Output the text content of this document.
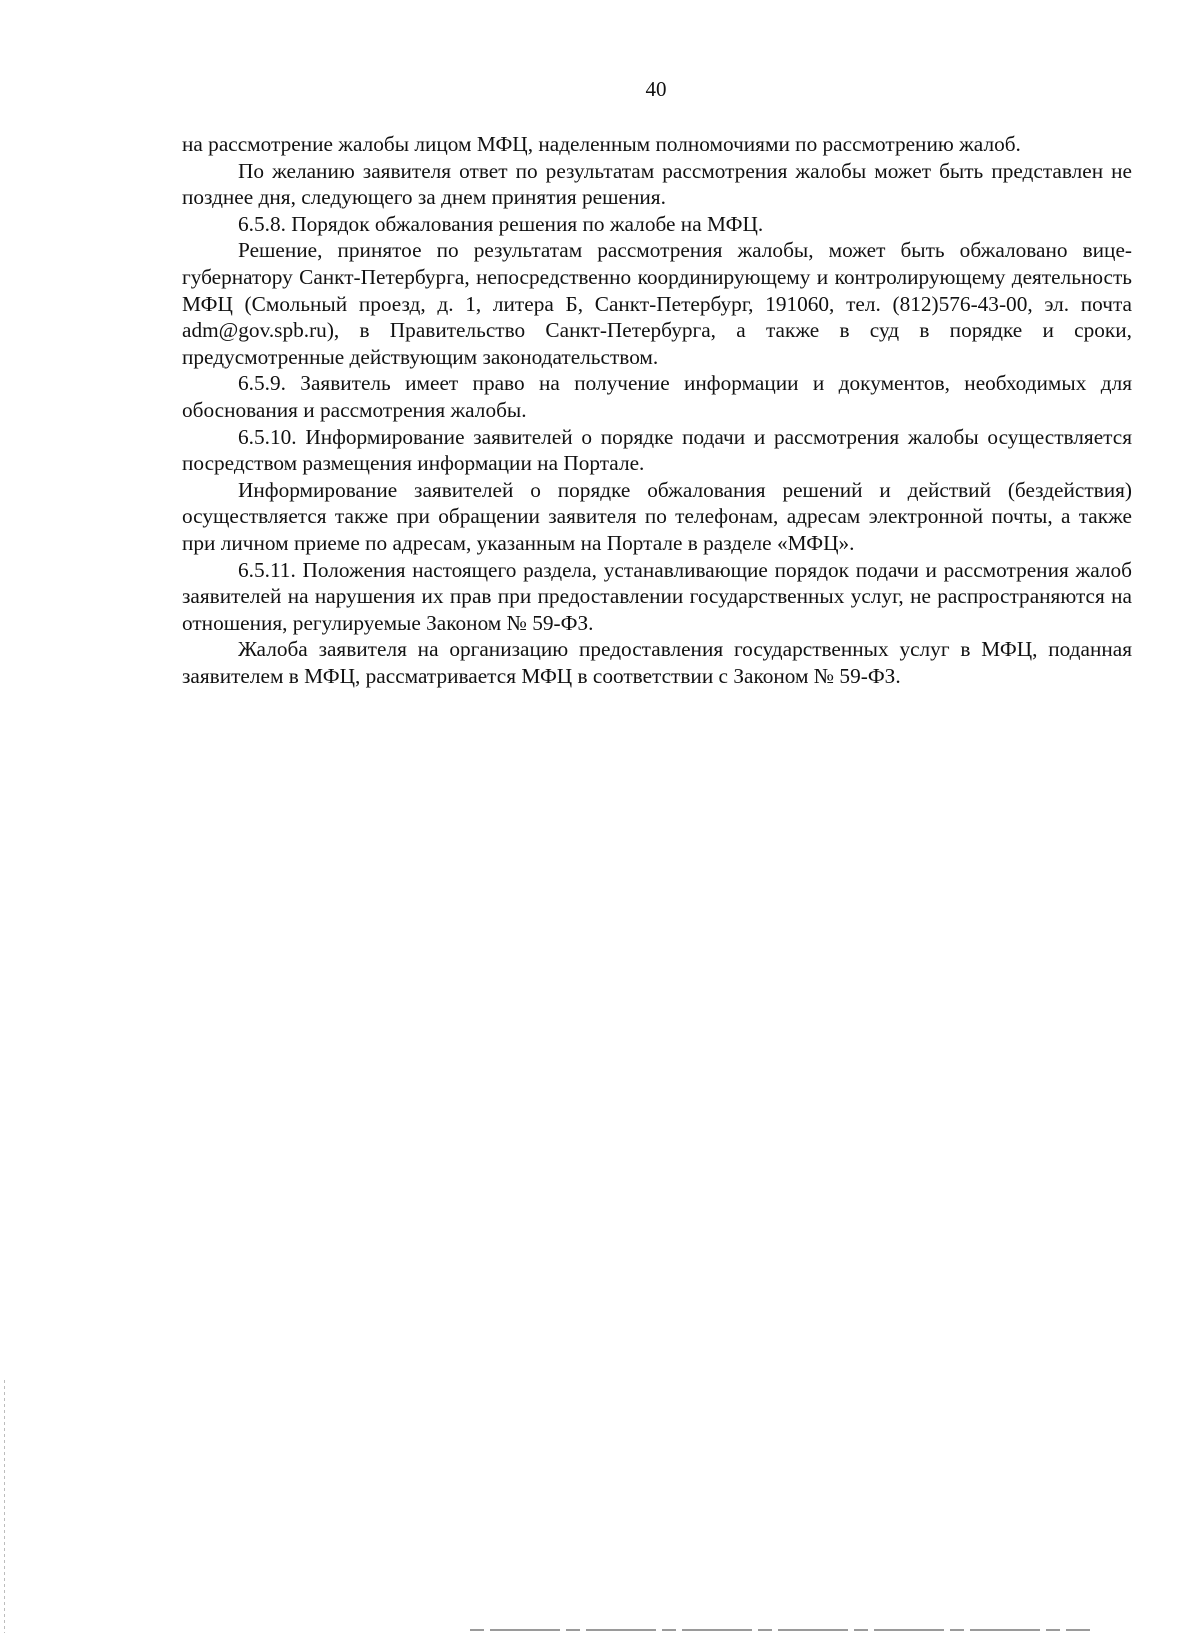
40

на рассмотрение жалобы лицом МФЦ, наделенным полномочиями по рассмотрению жалоб.

По желанию заявителя ответ по результатам рассмотрения жалобы может быть представлен не позднее дня, следующего за днем принятия решения.

6.5.8. Порядок обжалования решения по жалобе на МФЦ.

Решение, принятое по результатам рассмотрения жалобы, может быть обжаловано вице-губернатору Санкт-Петербурга, непосредственно координирующему и контролирующему деятельность МФЦ (Смольный проезд, д. 1, литера Б, Санкт-Петербург, 191060, тел. (812)576-43-00, эл. почта adm@gov.spb.ru), в Правительство Санкт-Петербурга, а также в суд в порядке и сроки, предусмотренные действующим законодательством.

6.5.9. Заявитель имеет право на получение информации и документов, необходимых для обоснования и рассмотрения жалобы.

6.5.10. Информирование заявителей о порядке подачи и рассмотрения жалобы осуществляется посредством размещения информации на Портале.

Информирование заявителей о порядке обжалования решений и действий (бездействия) осуществляется также при обращении заявителя по телефонам, адресам электронной почты, а также при личном приеме по адресам, указанным на Портале в разделе «МФЦ».

6.5.11. Положения настоящего раздела, устанавливающие порядок подачи и рассмотрения жалоб заявителей на нарушения их прав при предоставлении государственных услуг, не распространяются на отношения, регулируемые Законом № 59-ФЗ.

Жалоба заявителя на организацию предоставления государственных услуг в МФЦ, поданная заявителем в МФЦ, рассматривается МФЦ в соответствии с Законом № 59-ФЗ.
